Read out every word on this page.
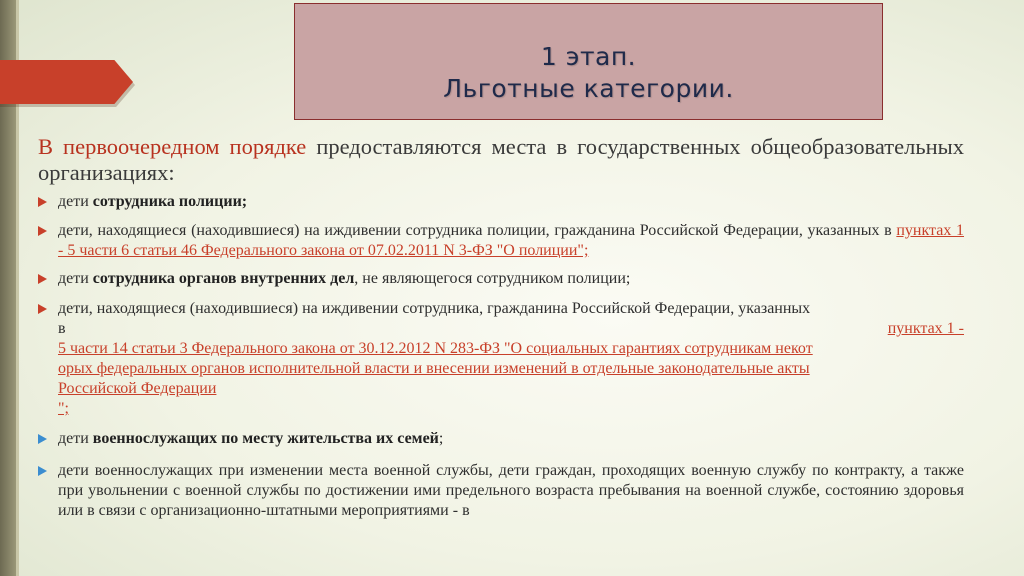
1 этап.
Льготные категории.

В первоочередном порядке предоставляются места в государственных общеобразовательных организациях:

дети сотрудника полиции;
дети, находящиеся (находившиеся) на иждивении сотрудника полиции, гражданина Российской Федерации, указанных в пунктах 1 - 5 части 6 статьи 46 Федерального закона от 07.02.2011 N 3-ФЗ "О полиции";
дети сотрудника органов внутренних дел, не являющегося сотрудником полиции;
дети, находящиеся (находившиеся) на иждивении сотрудника, гражданина Российской Федерации, указанных
в	пунктах 1 -
5 части 14 статьи 3 Федерального закона от 30.12.2012 N 283-ФЗ "О социальных гарантиях сотрудникам некот
орых федеральных органов исполнительной власти и внесении изменений в отдельные законодательные акты
Российской Федерации
";
дети военнослужащих по месту жительства их семей;
дети военнослужащих при изменении места военной службы, дети граждан, проходящих военную службу по контракту, а также при увольнении с военной службы по достижении ими предельного возраста пребывания на военной службе, состоянию здоровья или в связи с организационно-штатными мероприятиями - в
